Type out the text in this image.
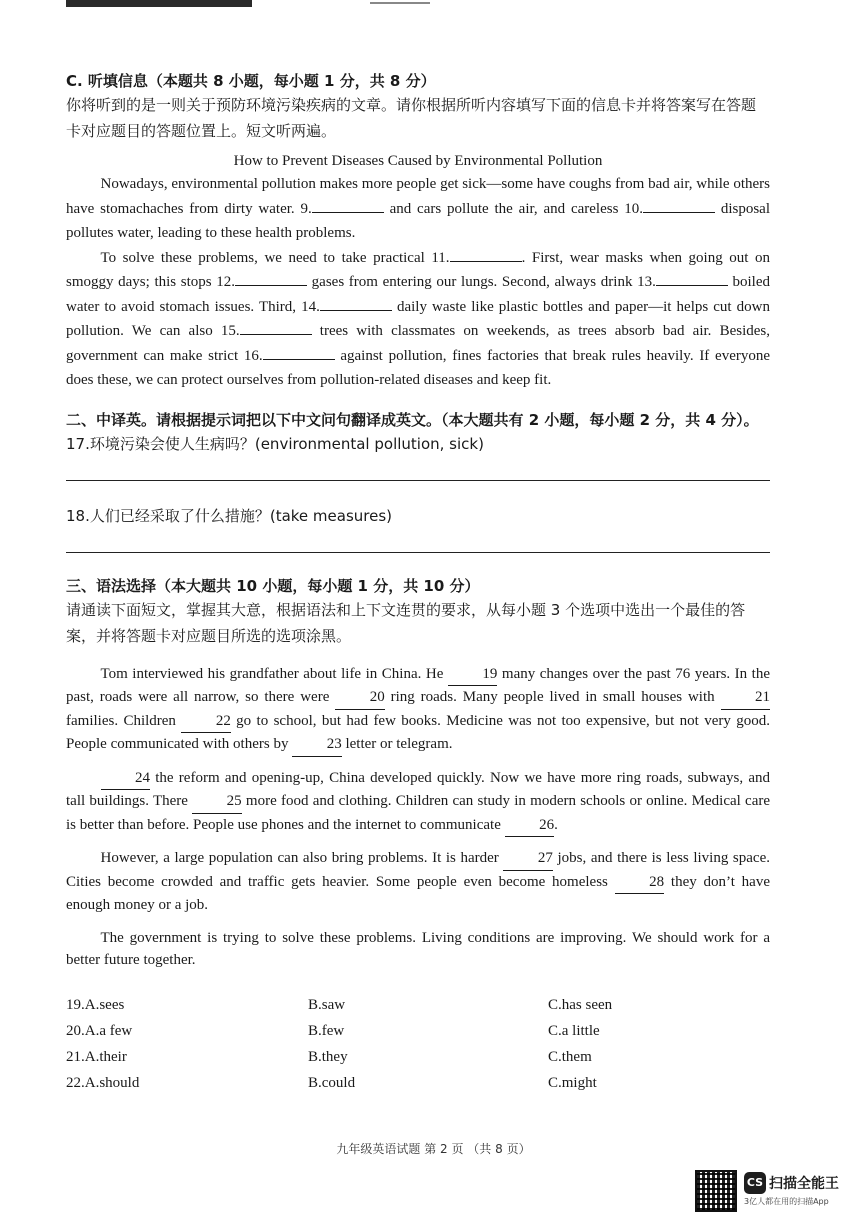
C. 听填信息（本题共 8 小题，每小题 1 分，共 8 分）

你将听到的是一则关于预防环境污染疾病的文章。请你根据所听内容填写下面的信息卡并将答案写在答题卡对应题目的答题位置上。短文听两遍。

How to Prevent Diseases Caused by Environmental Pollution

Nowadays, environmental pollution makes more people get sick—some have coughs from bad air, while others have stomachaches from dirty water. 9.	and cars pollute the air, and careless 10.	disposal pollutes water, leading to these health problems.

To solve these problems, we need to take practical 11.	. First, wear masks when going out on smoggy days; this stops 12.	gases from entering our lungs. Second, always drink 13.	boiled water to avoid stomach issues. Third, 14.	daily waste like plastic bottles and paper—it helps cut down pollution. We can also 15.	trees with classmates on weekends, as trees absorb bad air. Besides, government can make strict 16.	against pollution, fines factories that break rules heavily. If everyone does these, we can protect ourselves from pollution-related diseases and keep fit.

二、中译英。请根据提示词把以下中文问句翻译成英文。（本大题共有 2 小题，每小题 2 分，共 4 分）。

17.环境污染会使人生病吗？(environmental pollution, sick)

18.人们已经采取了什么措施？(take measures)

三、语法选择（本大题共 10 小题，每小题 1 分，共 10 分）

请通读下面短文，掌握其大意，根据语法和上下文连贯的要求，从每小题 3 个选项中选出一个最佳的答案，并将答题卡对应题目所选的选项涂黑。

Tom interviewed his grandfather about life in China. He 19 many changes over the past 76 years. In the past, roads were all narrow, so there were 20 ring roads. Many people lived in small houses with 21 families. Children 22 go to school, but had few books. Medicine was not too expensive, but not very good. People communicated with others by 23 letter or telegram.

24 the reform and opening-up, China developed quickly. Now we have more ring roads, subways, and tall buildings. There 25 more food and clothing. Children can study in modern schools or online. Medical care is better than before. People use phones and the internet to communicate 26.

However, a large population can also bring problems. It is harder 27 jobs, and there is less living space. Cities become crowded and traffic gets heavier. Some people even become homeless 28 they don’t have enough money or a job.

The government is trying to solve these problems. Living conditions are improving. We should work for a better future together.

19.A.sees	B.saw	C.has seen
20.A.a few	B.few	C.a little
21.A.their	B.they	C.them
22.A.should	B.could	C.might
九年级英语试题 第 2 页 （共 8 页）
CS 扫描全能王
3亿人都在用的扫描App
